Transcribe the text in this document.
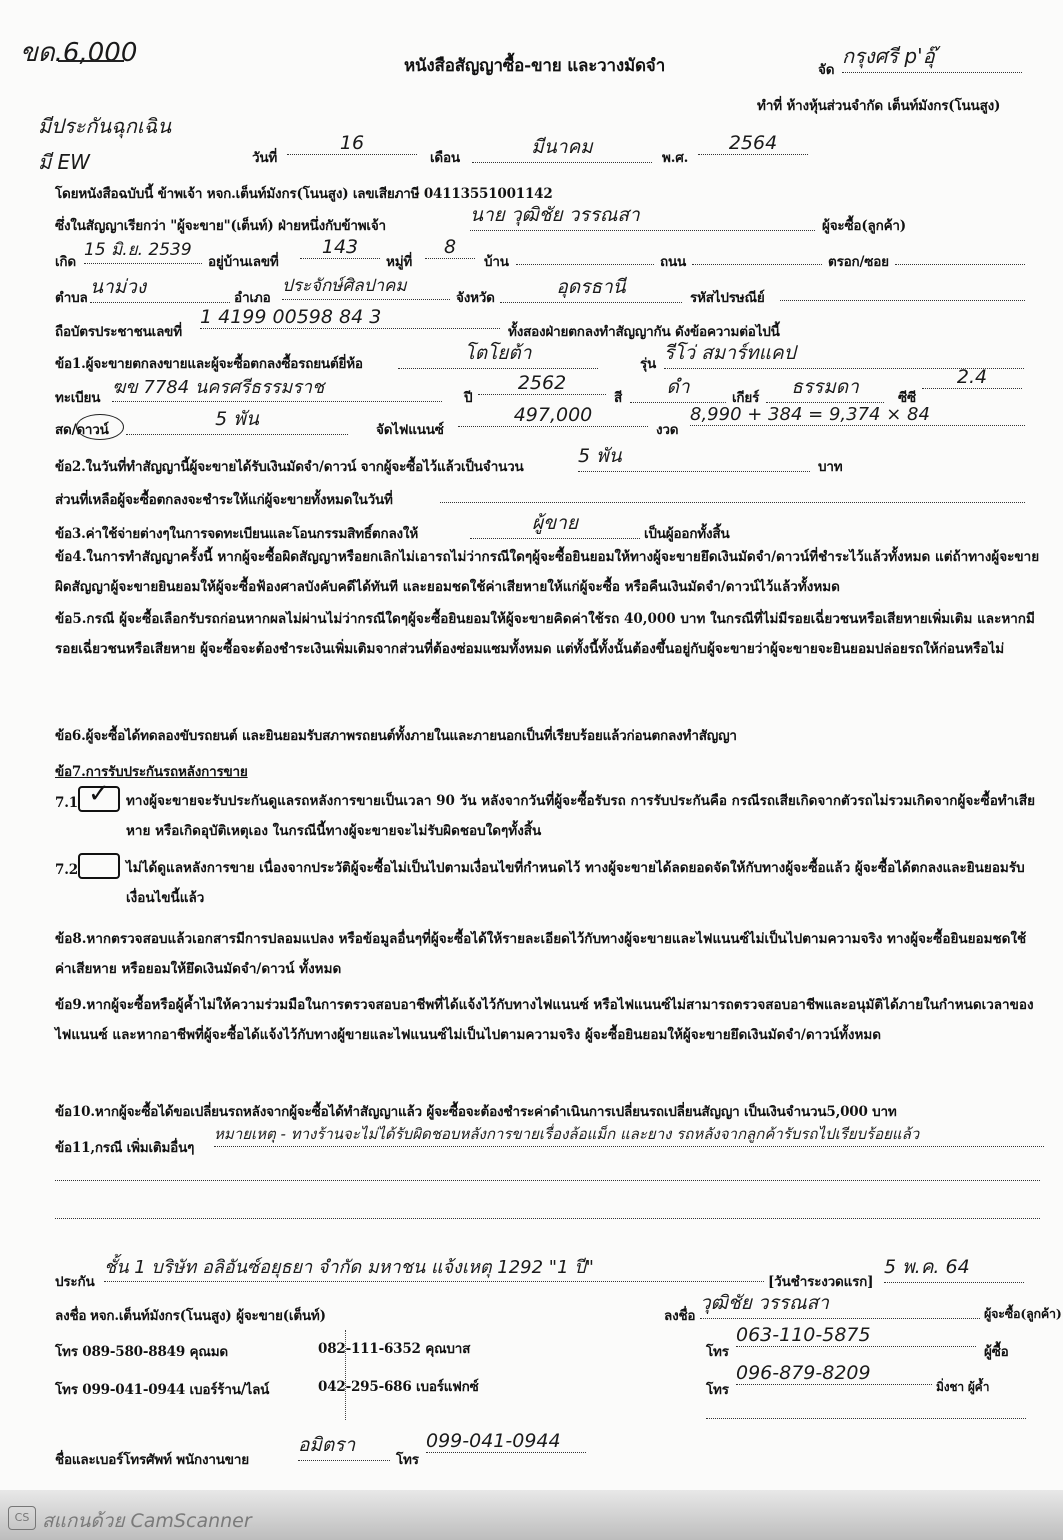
ขด.6,000	หนังสือสัญญาซื้อ-ขาย และวางมัดจำ	จัด
กรุงศรี p'อุ๊
ทำที่ ห้างหุ้นส่วนจำกัด เต็นท์มังกร(โนนสูง)
มีประกันฉุกเฉิน
มี EW	วันที่
16
เดือน	มีนาคม	พ.ศ.
2564
โดยหนังสือฉบับนี้ ข้าพเจ้า หจก.เต็นท์มังกร(โนนสูง) เลขเสียภาษี 04113551001142
ซึ่งในสัญญาเรียกว่า "ผู้จะขาย"(เต็นท์) ฝ่ายหนึ่งกับข้าพเจ้า	นาย วุฒิชัย วรรณสา	ผู้จะซื้อ(ลูกค้า)
เกิด
15 มิ.ย. 2539
อยู่บ้านเลขที่
143
หมู่ที่
8
บ้าน	ถนน	ตรอก/ซอย
ตำบล นาม่วง	อำเภอ
ประจักษ์ศิลปาคม
จังหวัด	อุดรธานี	รหัสไปรษณีย์
ถือบัตรประชาชนเลขที่
1 4199 00598 84 3
ทั้งสองฝ่ายตกลงทำสัญญากัน ดังข้อความต่อไปนี้
ข้อ1.ผู้จะขายตกลงขายและผู้จะซื้อตกลงซื้อรถยนต์ยี่ห้อ	โตโยต้า	รุ่น รีโว่ สมาร์ทแคป
ทะเบียน ฆข 7784 นครศรีธรรมราช	ปี
2562
สี	ดำ	เกียร์	ธรรมดา	ซีซี
2.4
สด/ดาวน์	5 พัน	จัดไฟแนนซ์
497,000
งวด
8,990 + 384 = 9,374 × 84
ข้อ2.ในวันที่ทำสัญญานี้ผู้จะขายได้รับเงินมัดจำ/ดาวน์ จากผู้จะซื้อไว้แล้วเป็นจำนวน	5 พัน	บาท
ส่วนที่เหลือผู้จะซื้อตกลงจะชำระให้แก่ผู้จะขายทั้งหมดในวันที่
ข้อ3.ค่าใช้จ่ายต่างๆในการจดทะเบียนและโอนกรรมสิทธิ์ตกลงให้	ผู้ขาย	เป็นผู้ออกทั้งสิ้น
ข้อ4.ในการทำสัญญาครั้งนี้ หากผู้จะซื้อผิดสัญญาหรือยกเลิกไม่เอารถไม่ว่ากรณีใดๆผู้จะซื้อยินยอมให้ทางผู้จะขายยึดเงินมัดจำ/ดาวน์ที่ชำระไว้แล้วทั้งหมด แต่ถ้าทางผู้จะขายผิดสัญญาผู้จะขายยินยอมให้ผู้จะซื้อฟ้องศาลบังคับคดีได้ทันที และยอมชดใช้ค่าเสียหายให้แก่ผู้จะซื้อ หรือคืนเงินมัดจำ/ดาวน์ไว้แล้วทั้งหมด
ข้อ5.กรณี ผู้จะซื้อเลือกรับรถก่อนหากผลไม่ผ่านไม่ว่ากรณีใดๆผู้จะซื้อยินยอมให้ผู้จะขายคิดค่าใช้รถ 40,000 บาท ในกรณีที่ไม่มีรอยเฉี่ยวชนหรือเสียหายเพิ่มเติม และหากมีรอยเฉี่ยวชนหรือเสียหาย ผู้จะซื้อจะต้องชำระเงินเพิ่มเติมจากส่วนที่ต้องซ่อมแซมทั้งหมด แต่ทั้งนี้ทั้งนั้นต้องขึ้นอยู่กับผู้จะขายว่าผู้จะขายจะยินยอมปล่อยรถให้ก่อนหรือไม่
ข้อ6.ผู้จะซื้อได้ทดลองขับรถยนต์ และยินยอมรับสภาพรถยนต์ทั้งภายในและภายนอกเป็นที่เรียบร้อยแล้วก่อนตกลงทำสัญญา
ข้อ7.การรับประกันรถหลังการขาย
7.1 ✓ ทางผู้จะขายจะรับประกันดูแลรถหลังการขายเป็นเวลา 90 วัน หลังจากวันที่ผู้จะซื้อรับรถ การรับประกันคือ กรณีรถเสียเกิดจากตัวรถไม่รวมเกิดจากผู้จะซื้อทำเสียหาย หรือเกิดอุบัติเหตุเอง ในกรณีนี้ทางผู้จะขายจะไม่รับผิดชอบใดๆทั้งสิ้น
7.2	ไม่ได้ดูแลหลังการขาย เนื่องจากประวัติผู้จะซื้อไม่เป็นไปตามเงื่อนไขที่กำหนดไว้ ทางผู้จะขายได้ลดยอดจัดให้กับทางผู้จะซื้อแล้ว ผู้จะซื้อได้ตกลงและยินยอมรับเงื่อนไขนี้แล้ว
ข้อ8.หากตรวจสอบแล้วเอกสารมีการปลอมแปลง หรือข้อมูลอื่นๆที่ผู้จะซื้อได้ให้รายละเอียดไว้กับทางผู้จะขายและไฟแนนซ์ไม่เป็นไปตามความจริง ทางผู้จะซื้อยินยอมชดใช้ค่าเสียหาย หรือยอมให้ยึดเงินมัดจำ/ดาวน์ ทั้งหมด
ข้อ9.หากผู้จะซื้อหรือผู้ค้ำไม่ให้ความร่วมมือในการตรวจสอบอาชีพที่ได้แจ้งไว้กับทางไฟแนนซ์ หรือไฟแนนซ์ไม่สามารถตรวจสอบอาชีพและอนุมัติได้ภายในกำหนดเวลาของไฟแนนซ์ และหากอาชีพที่ผู้จะซื้อได้แจ้งไว้กับทางผู้ขายและไฟแนนซ์ไม่เป็นไปตามความจริง ผู้จะซื้อยินยอมให้ผู้จะขายยึดเงินมัดจำ/ดาวน์ทั้งหมด
ข้อ10.หากผู้จะซื้อได้ขอเปลี่ยนรถหลังจากผู้จะซื้อได้ทำสัญญาแล้ว ผู้จะซื้อจะต้องชำระค่าดำเนินการเปลี่ยนรถเปลี่ยนสัญญา เป็นเงินจำนวน5,000 บาท
ข้อ11,กรณี เพิ่มเติมอื่นๆ
หมายเหตุ - ทางร้านจะไม่ได้รับผิดชอบหลังการขายเรื่องล้อแม็ก และยาง รถหลังจากลูกค้ารับรถไปเรียบร้อยแล้ว
ประกัน
ชั้น 1 บริษัท อลิอันซ์อยุธยา จำกัด มหาชน แจ้งเหตุ 1292 "1 ปี"
[วันชำระงวดแรก]
5 พ.ค. 64
ลงชื่อ หจก.เต็นท์มังกร(โนนสูง) ผู้จะขาย(เต็นท์)	ลงชื่อ
วุฒิชัย วรรณสา	ผู้จะซื้อ(ลูกค้า)
โทร 089-580-8849 คุณมด	082-111-6352 คุณบาส
โทร 099-041-0944 เบอร์ร้าน/ไลน์	042-295-686 เบอร์แฟกซ์
โทร
063-110-5875
ผู้ซื้อ
โทร
096-879-8209
มิ่งชา ผู้ค้ำ
ชื่อและเบอร์โทรศัพท์ พนักงานขาย
อมิตรา
โทร
099-041-0944
CS สแกนด้วย CamScanner
